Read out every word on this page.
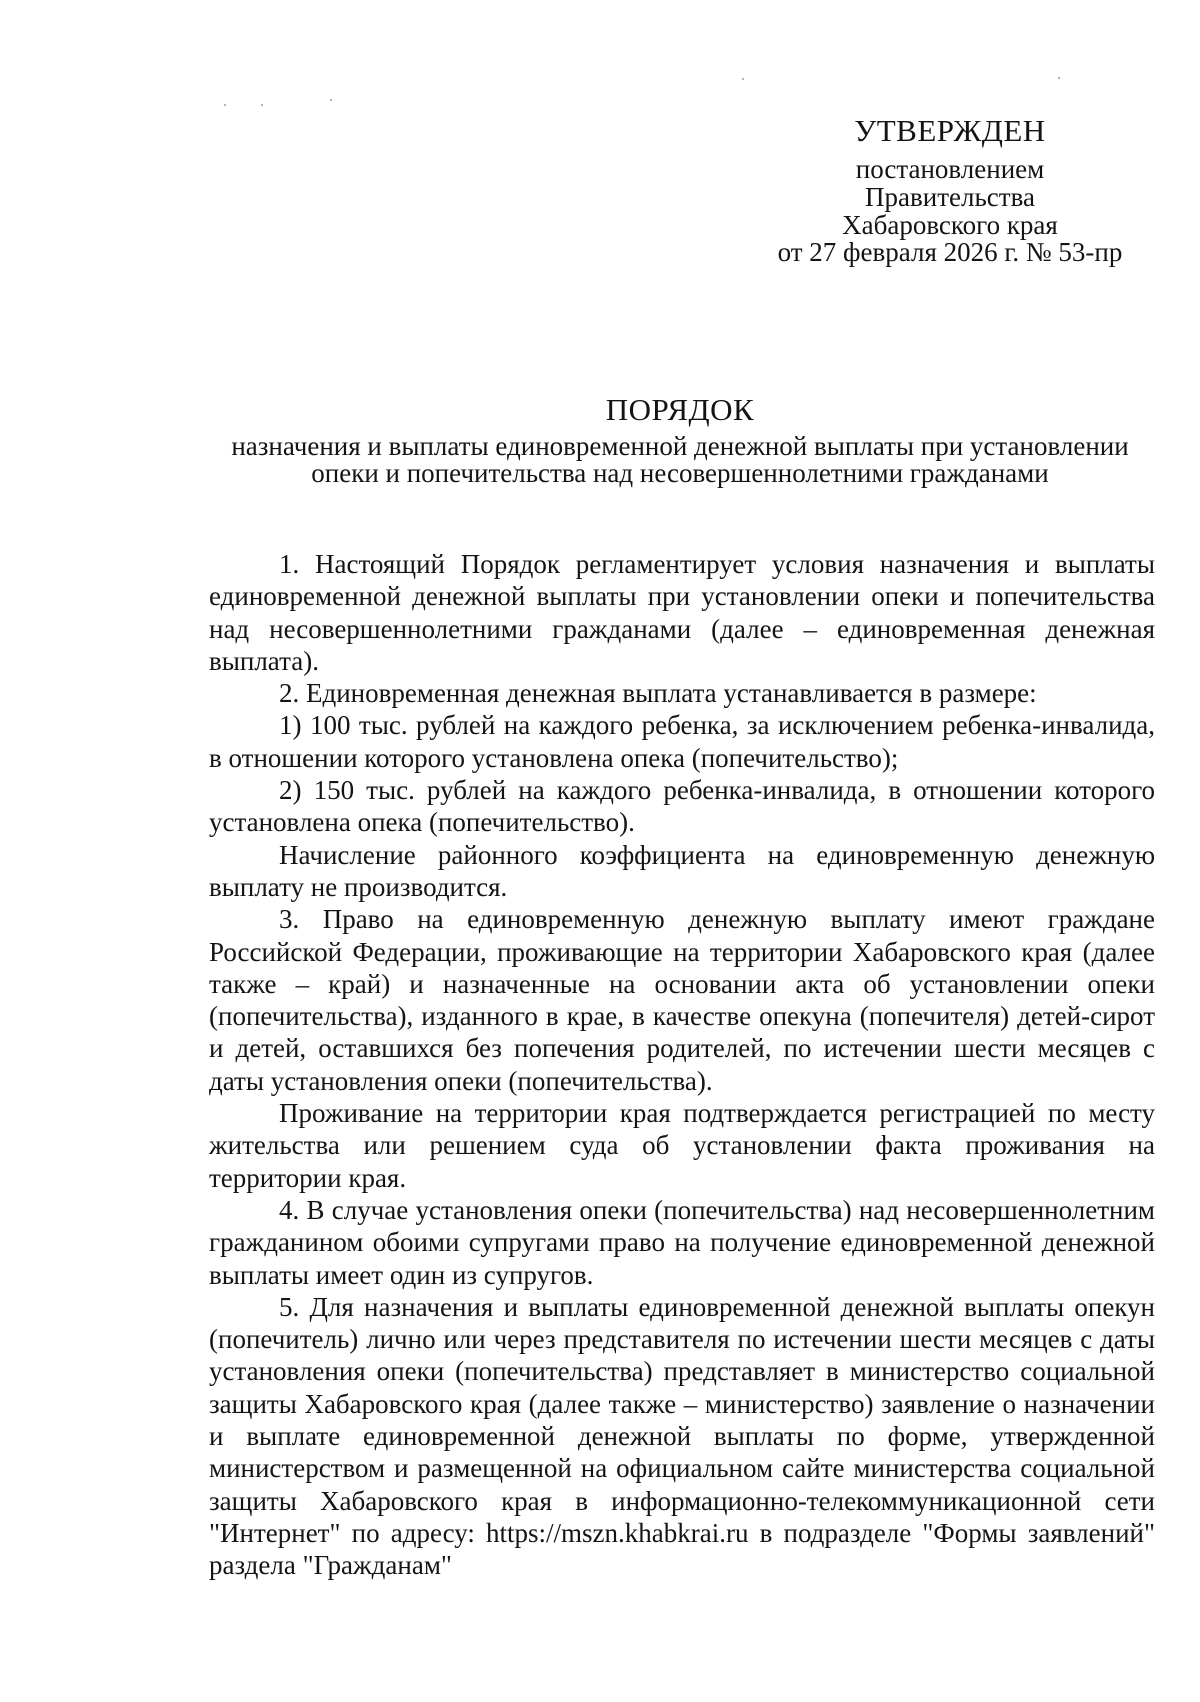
УТВЕРЖДЕН
постановлением
Правительства
Хабаровского края
от 27 февраля 2026 г. № 53-пр
ПОРЯДОК
назначения и выплаты единовременной денежной выплаты при установлении
опеки и попечительства над несовершеннолетними гражданами

1. Настоящий Порядок регламентирует условия назначения и выплаты единовременной денежной выплаты при установлении опеки и попечительства над несовершеннолетними гражданами (далее – единовременная денежная выплата).

2. Единовременная денежная выплата устанавливается в размере:

1) 100 тыс. рублей на каждого ребенка, за исключением ребенка-инвалида, в отношении которого установлена опека (попечительство);

2) 150 тыс. рублей на каждого ребенка-инвалида, в отношении которого установлена опека (попечительство).

Начисление районного коэффициента на единовременную денежную выплату не производится.

3. Право на единовременную денежную выплату имеют граждане Российской Федерации, проживающие на территории Хабаровского края (далее также – край) и назначенные на основании акта об установлении опеки (попечительства), изданного в крае, в качестве опекуна (попечителя) детей-сирот и детей, оставшихся без попечения родителей, по истечении шести месяцев с даты установления опеки (попечительства).

Проживание на территории края подтверждается регистрацией по месту жительства или решением суда об установлении факта проживания на территории края.

4. В случае установления опеки (попечительства) над несовершеннолетним гражданином обоими супругами право на получение единовременной денежной выплаты имеет один из супругов.

5. Для назначения и выплаты единовременной денежной выплаты опекун (попечитель) лично или через представителя по истечении шести месяцев с даты установления опеки (попечительства) представляет в министерство социальной защиты Хабаровского края (далее также – министерство) заявление о назначении и выплате единовременной денежной выплаты по форме, утвержденной министерством и размещенной на официальном сайте министерства социальной защиты Хабаровского края в информационно-телекоммуникационной сети "Интернет" по адресу: https://mszn.khabkrai.ru в подразделе "Формы заявлений" раздела "Гражданам"
